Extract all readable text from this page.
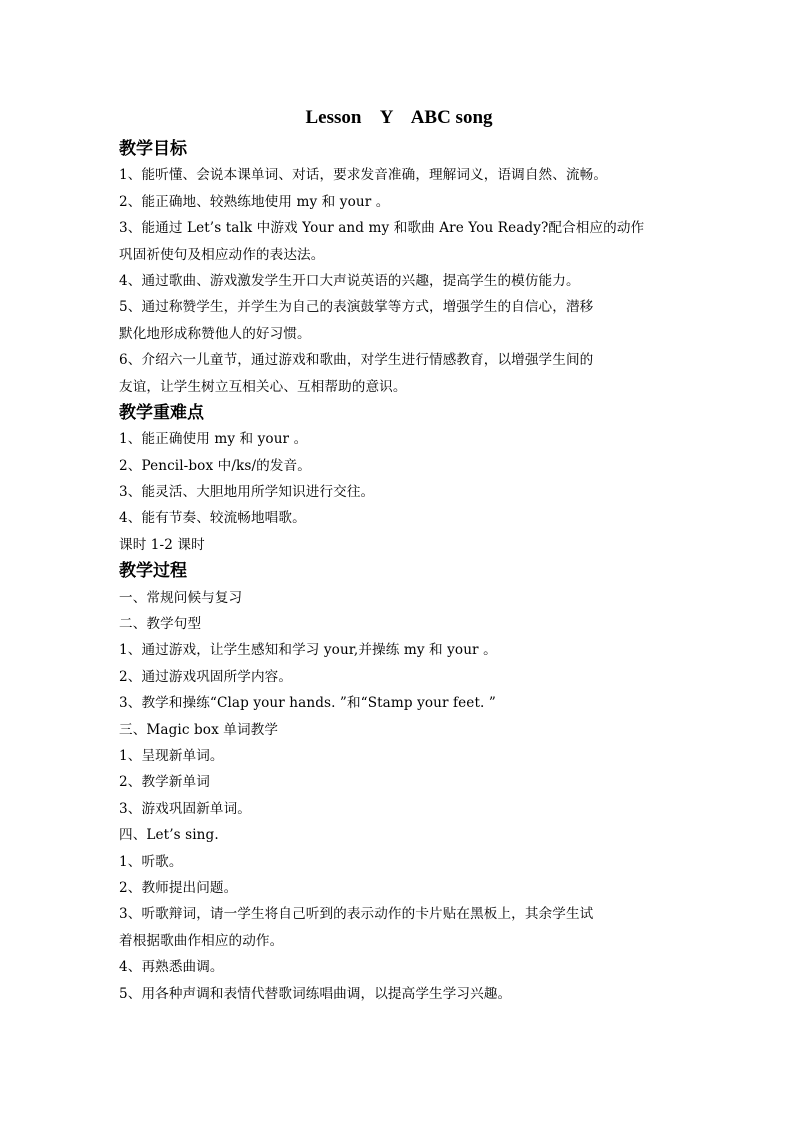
Lesson    Y    ABC song
教学目标
1、能听懂、会说本课单词、对话，要求发音准确，理解词义，语调自然、流畅。
2、能正确地、较熟练地使用 my 和 your 。
3、能通过 Let’s talk 中游戏 Your and my 和歌曲 Are You Ready?配合相应的动作
巩固祈使句及相应动作的表达法。
4、通过歌曲、游戏激发学生开口大声说英语的兴趣，提高学生的模仿能力。
5、通过称赞学生，并学生为自己的表演鼓掌等方式，增强学生的自信心，潜移
默化地形成称赞他人的好习惯。
6、介绍六一儿童节，通过游戏和歌曲，对学生进行情感教育，以增强学生间的
友谊，让学生树立互相关心、互相帮助的意识。
教学重难点
1、能正确使用 my 和 your 。
2、Pencil-box 中/ks/的发音。
3、能灵活、大胆地用所学知识进行交往。
4、能有节奏、较流畅地唱歌。
课时 1-2 课时
教学过程
一、常规问候与复习
二、教学句型
1、通过游戏，让学生感知和学习 your,并操练 my 和 your 。
2、通过游戏巩固所学内容。
3、教学和操练“Clap your hands. ”和“Stamp your feet. ”
三、Magic box 单词教学
1、呈现新单词。
2、教学新单词
3、游戏巩固新单词。
四、Let’s sing.
1、听歌。
2、教师提出问题。
3、听歌辩词，请一学生将自己听到的表示动作的卡片贴在黑板上，其余学生试
着根据歌曲作相应的动作。
4、再熟悉曲调。
5、用各种声调和表情代替歌词练唱曲调，以提高学生学习兴趣。
